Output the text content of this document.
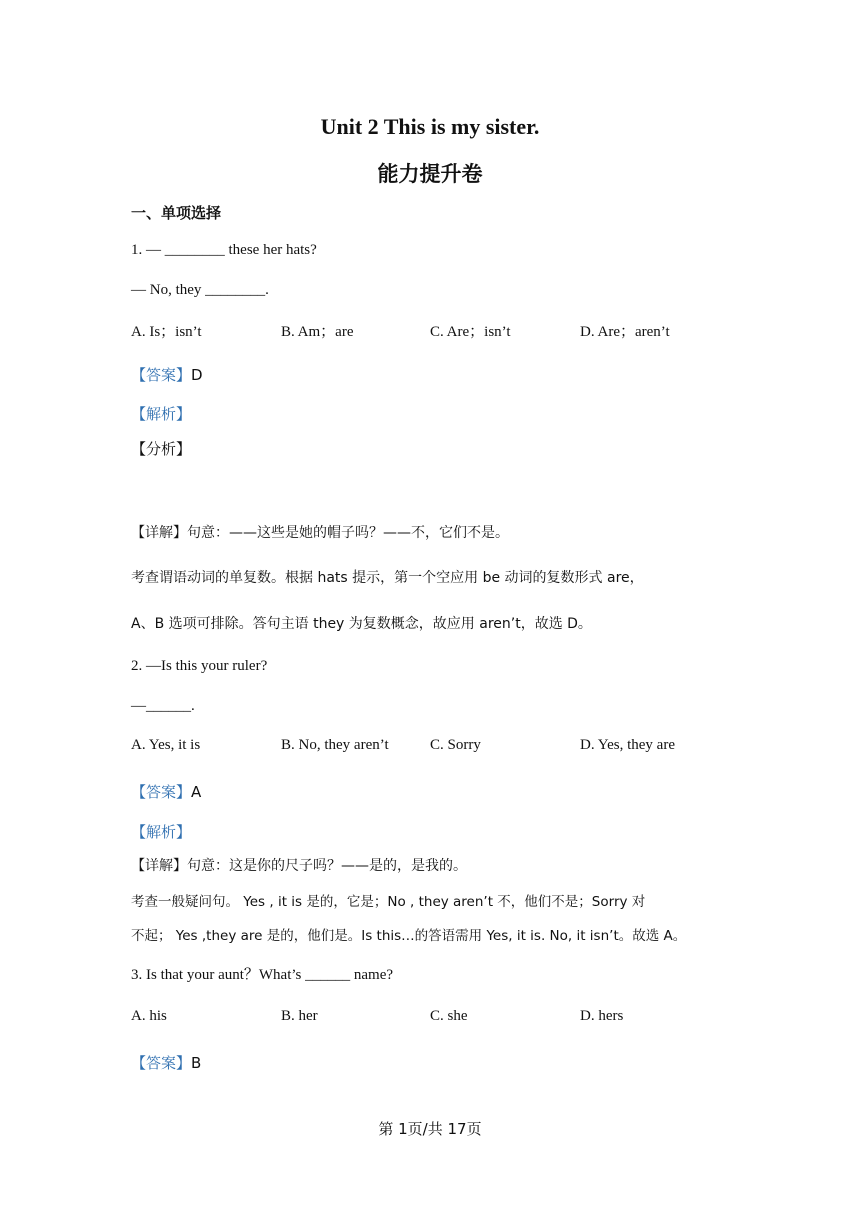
Unit 2 This is my sister.
能力提升卷
一、单项选择
1. — ________ these her hats?
— No, they ________.
A. Is；isn’t	B. Am；are	C. Are；isn’t	D. Are；aren’t
【答案】D
【解析】
【分析】
【详解】句意：——这些是她的帽子吗？——不，它们不是。
考查谓语动词的单复数。根据 hats 提示，第一个空应用 be 动词的复数形式 are，
A、B 选项可排除。答句主语 they 为复数概念，故应用 aren’t，故选 D。
2. —Is this your ruler?
—______.
A. Yes, it is	B. No, they aren’t	C. Sorry	D. Yes, they are
【答案】A
【解析】
【详解】句意：这是你的尺子吗？——是的，是我的。
考查一般疑问句。 Yes , it is 是的，它是；No , they aren’t 不，他们不是；Sorry 对
不起； Yes ,they are 是的，他们是。Is this…的答语需用 Yes, it is. No, it isn’t。故选 A。
3. Is that your aunt？What’s ______ name?
A. his	B. her	C. she	D. hers
【答案】B
第 1页/共 17页
